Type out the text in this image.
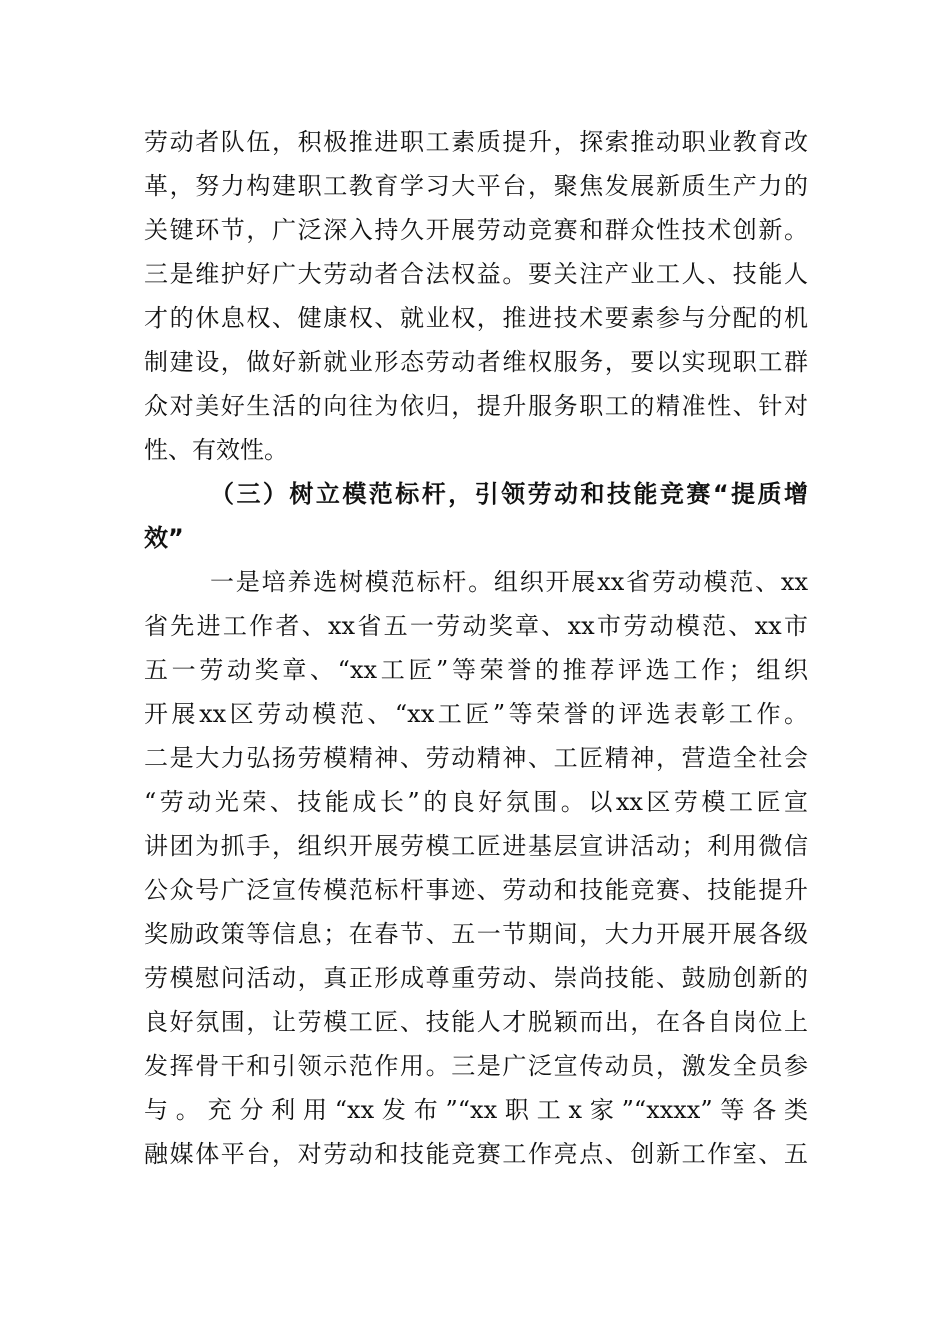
劳动者队伍，积极推进职工素质提升，探索推动职业教育改
革，努力构建职工教育学习大平台，聚焦发展新质生产力的
关键环节，广泛深入持久开展劳动竞赛和群众性技术创新。
三是维护好广大劳动者合法权益。要关注产业工人、技能人
才的休息权、健康权、就业权，推进技术要素参与分配的机
制建设，做好新就业形态劳动者维权服务，要以实现职工群
众对美好生活的向往为依归，提升服务职工的精准性、针对
性、有效性。
（三）树立模范标杆，引领劳动和技能竞赛“提质增
效”
一是培养选树模范标杆。组织开展xx省劳动模范、xx
省先进工作者、xx省五一劳动奖章、xx市劳动模范、xx市
五一劳动奖章、“xx工匠”等荣誉的推荐评选工作；组织
开展xx区劳动模范、“xx工匠”等荣誉的评选表彰工作。
二是大力弘扬劳模精神、劳动精神、工匠精神，营造全社会
“劳动光荣、技能成长”的良好氛围。以xx区劳模工匠宣
讲团为抓手，组织开展劳模工匠进基层宣讲活动；利用微信
公众号广泛宣传模范标杆事迹、劳动和技能竞赛、技能提升
奖励政策等信息；在春节、五一节期间，大力开展开展各级
劳模慰问活动，真正形成尊重劳动、崇尚技能、鼓励创新的
良好氛围，让劳模工匠、技能人才脱颖而出，在各自岗位上
发挥骨干和引领示范作用。三是广泛宣传动员，激发全员参
与。充分利用“xx发布”“xx职工x家”“xxxx”等各类
融媒体平台，对劳动和技能竞赛工作亮点、创新工作室、五
